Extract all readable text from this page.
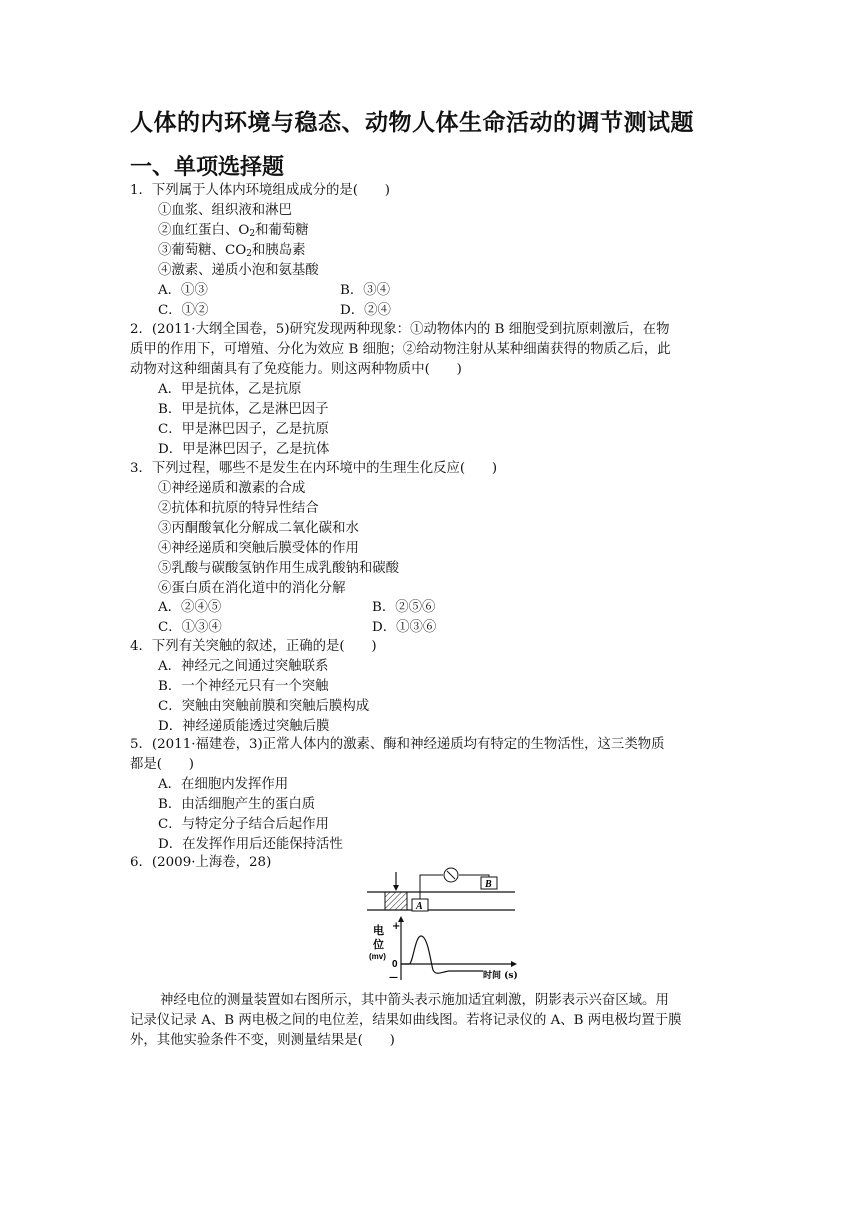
人体的内环境与稳态、动物人体生命活动的调节测试题
一、单项选择题
1．下列属于人体内环境组成成分的是(　　)
①血浆、组织液和淋巴
②血红蛋白、$O_2$和葡萄糖
③葡萄糖、$CO_2$和胰岛素
④激素、递质小泡和氨基酸
A．①③	B．③④
C．①②	D．②④
2．(2011·大纲全国卷，5)研究发现两种现象：①动物体内的 B 细胞受到抗原刺激后，在物
质甲的作用下，可增殖、分化为效应 B 细胞；②给动物注射从某种细菌获得的物质乙后，此
动物对这种细菌具有了免疫能力。则这两种物质中(　　)
A．甲是抗体，乙是抗原
B．甲是抗体，乙是淋巴因子
C．甲是淋巴因子，乙是抗原
D．甲是淋巴因子，乙是抗体
3．下列过程，哪些不是发生在内环境中的生理生化反应(　　)
①神经递质和激素的合成
②抗体和抗原的特异性结合
③丙酮酸氧化分解成二氧化碳和水
④神经递质和突触后膜受体的作用
⑤乳酸与碳酸氢钠作用生成乳酸钠和碳酸
⑥蛋白质在消化道中的消化分解
A．②④⑤	B．②⑤⑥
C．①③④	D．①③⑥
4．下列有关突触的叙述，正确的是(　　)
A．神经元之间通过突触联系
B．一个神经元只有一个突触
C．突触由突触前膜和突触后膜构成
D．神经递质能透过突触后膜
5．(2011·福建卷，3)正常人体内的激素、酶和神经递质均有特定的生物活性，这三类物质
都是(　　)
A．在细胞内发挥作用
B．由活细胞产生的蛋白质
C．与特定分子结合后起作用
D．在发挥作用后还能保持活性
6．(2009·上海卷，28)
A
B
电
位
(mv)
+
0
—	时间 (s)
神经电位的测量装置如右图所示，其中箭头表示施加适宜刺激，阴影表示兴奋区域。用
记录仪记录 A、B 两电极之间的电位差，结果如曲线图。若将记录仪的 A、B 两电极均置于膜
外，其他实验条件不变，则测量结果是(　　)
